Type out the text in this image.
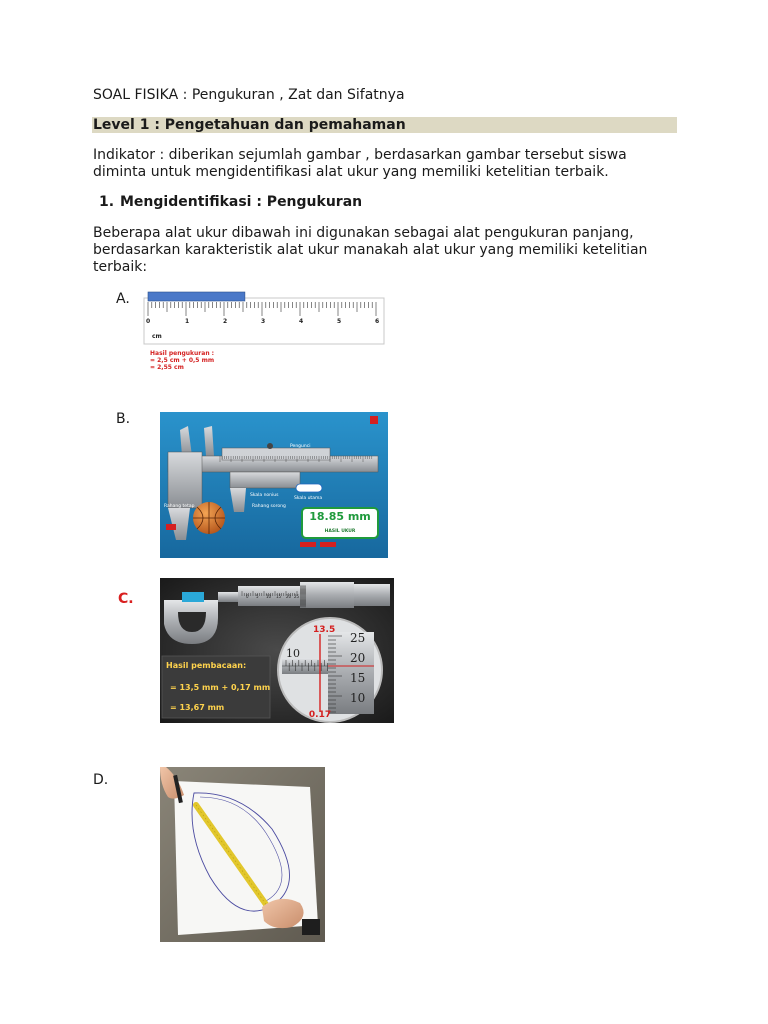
SOAL FISIKA : Pengukuran , Zat dan Sifatnya
Level 1 : Pengetahuan dan pemahaman
Indikator : diberikan sejumlah gambar , berdasarkan gambar tersebut siswa
diminta untuk mengidentifikasi alat ukur yang memiliki ketelitian terbaik.
1. Mengidentifikasi : Pengukuran
Beberapa alat ukur dibawah ini digunakan sebagai alat pengukuran panjang,
berdasarkan karakteristik alat ukur manakah alat ukur yang memiliki ketelitian
terbaik:
A.
B.
C.
D.
0	1	2	3	4	5	6
cm
Hasil pengukuran :
= 2,5 cm + 0,5 mm
= 2,55 cm
Pengunci
Skala utama
Skala nonius
Rahang tetap	Rahang sorong
18.85 mm
HASIL UKUR
13.5
0.17
10
25
20
15
10
0 5 10 15 20 25
Hasil pembacaan:
= 13,5 mm + 0,17 mm
= 13,67 mm
